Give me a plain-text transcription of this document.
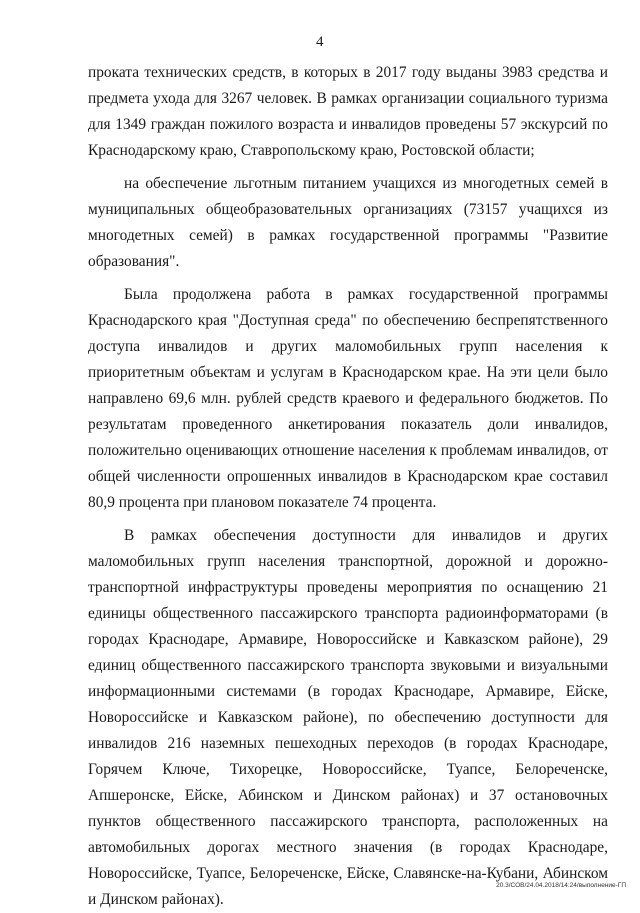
4

проката технических средств, в которых в 2017 году выданы 3983 средства и предмета ухода для 3267 человек. В рамках организации социального туризма для 1349 граждан пожилого возраста и инвалидов проведены 57 экскурсий по Краснодарскому краю, Ставропольскому краю, Ростовской области;

на обеспечение льготным питанием учащихся из многодетных семей в муниципальных общеобразовательных организациях (73157 учащихся из многодетных семей) в рамках государственной программы "Развитие образования".

Была продолжена работа в рамках государственной программы Краснодарского края "Доступная среда" по обеспечению беспрепятственного доступа инвалидов и других маломобильных групп населения к приоритетным объектам и услугам в Краснодарском крае. На эти цели было направлено 69,6 млн. рублей средств краевого и федерального бюджетов. По результатам проведенного анкетирования показатель доли инвалидов, положительно оценивающих отношение населения к проблемам инвалидов, от общей численности опрошенных инвалидов в Краснодарском крае составил 80,9 процента при плановом показателе 74 процента.

В рамках обеспечения доступности для инвалидов и других маломобильных групп населения транспортной, дорожной и дорожно-транспортной инфраструктуры проведены мероприятия по оснащению 21 единицы общественного пассажирского транспорта радиоинформаторами (в городах Краснодаре, Армавире, Новороссийске и Кавказском районе), 29 единиц общественного пассажирского транспорта звуковыми и визуальными информационными системами (в городах Краснодаре, Армавире, Ейске, Новороссийске и Кавказском районе), по обеспечению доступности для инвалидов 216 наземных пешеходных переходов (в городах Краснодаре, Горячем Ключе, Тихорецке, Новороссийске, Туапсе, Белореченске, Апшеронске, Ейске, Абинском и Динском районах) и 37 остановочных пунктов общественного пассажирского транспорта, расположенных на автомобильных дорогах местного значения (в городах Краснодаре, Новороссийске, Туапсе, Белореченске, Ейске, Славянске-на-Кубани, Абинском и Динском районах).

20.3/СОВ/24.04.2018/14:24/выполнение-ГП
